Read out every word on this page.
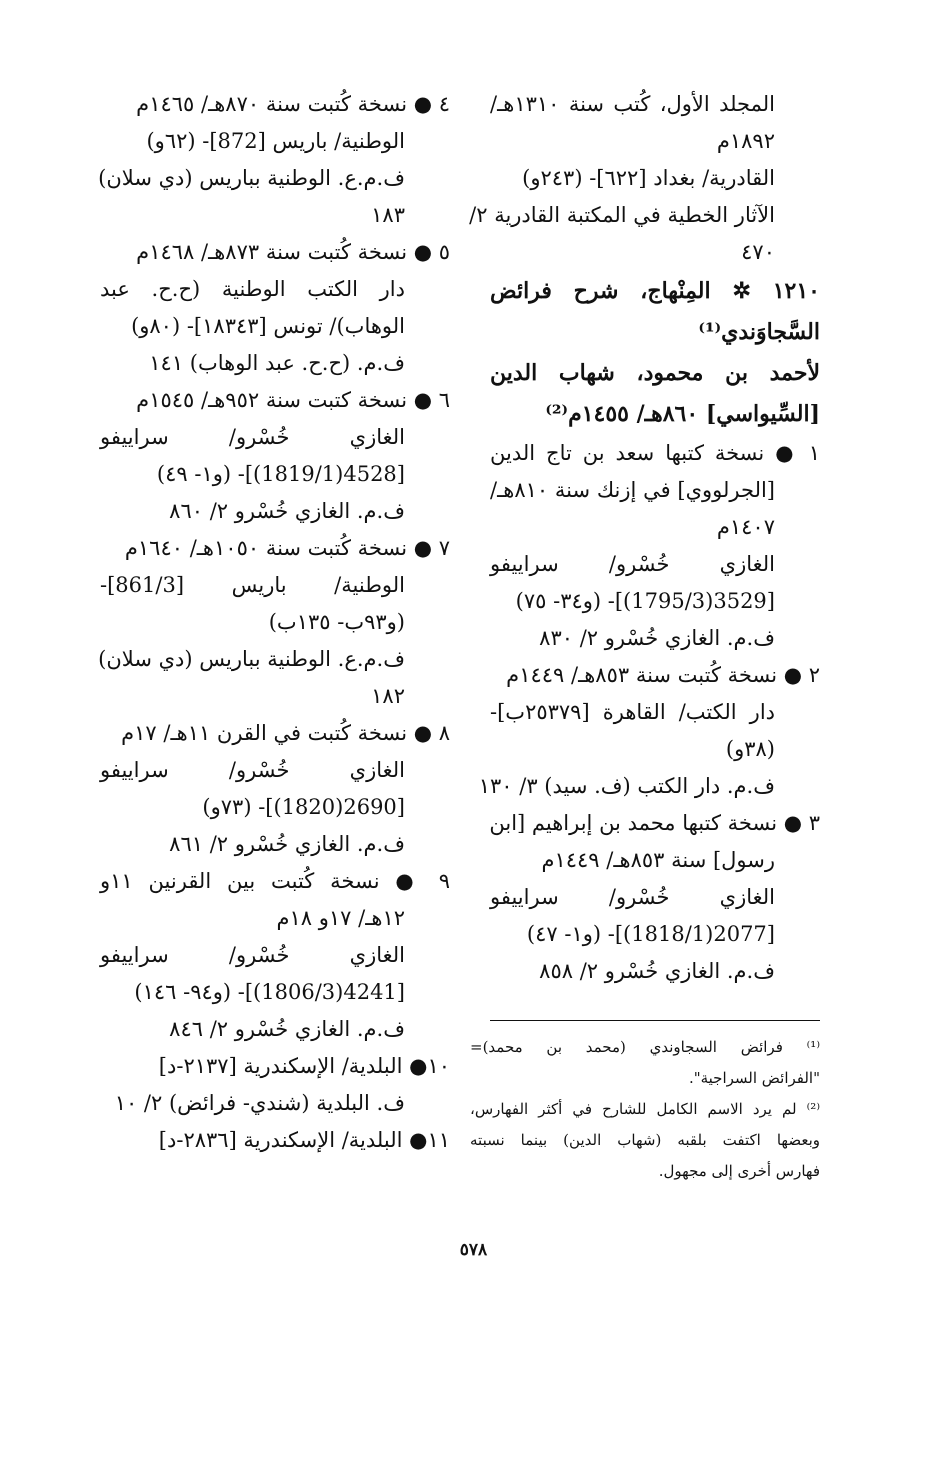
المجلد الأول، كُتب سنة ١٣١٠هـ‍/
١٨٩٢م
القادرية/ بغداد [٦٢٢]- (٢٤٣و)
الآثار الخطية في المكتبة القادرية ٢/
٤٧٠
١٢١٠ ✲ المِنْهاج، شرح فرائض
السَّجاوَندي⁽¹⁾
لأحمد بن محمود، شهاب الدين
[السِّيواسي] ٨٦٠هـ/ ١٤٥٥م⁽²⁾
١ ● نسخة كتبها سعد بن تاج الدين
[الجرلووي] في إزنك سنة ٨١٠هـ/
١٤٠٧م
الغازي خُسْرو/ سراييفو
[3529(1795/3)]- (و٣٤- ٧٥)
ف.م. الغازي خُسْرو ٢/ ٨٣٠
٢ ● نسخة كُتبت سنة ٨٥٣هـ/ ١٤٤٩م
دار الكتب/ القاهرة [٢٥٣٧٩ب]-
(٣٨و)
ف.م. دار الكتب (ف. سيد) ٣/ ١٣٠
٣ ● نسخة كتبها محمد بن إبراهيم [ابن
رسول] سنة ٨٥٣هـ/ ١٤٤٩م
الغازي خُسْرو/ سراييفو
[2077(1818/1)]- (و١- ٤٧)
ف.م. الغازي خُسْرو ٢/ ٨٥٨
٤ ● نسخة كُتبت سنة ٨٧٠هـ/ ١٤٦٥م
الوطنية/ باريس [872]- (٦٢و)
ف.م.ع. الوطنية بباريس (دي سلان)
١٨٣
٥ ● نسخة كُتبت سنة ٨٧٣هـ/ ١٤٦٨م
دار الكتب الوطنية (ح.ح. عبد
الوهاب)/ تونس [١٨٣٤٣]- (٨٠و)
ف.م. (ح.ح. عبد الوهاب) ١٤١
٦ ● نسخة كتبت سنة ٩٥٢هـ/ ١٥٤٥م
الغازي خُسْرو/ سراييفو
[4528(1819/1)]- (و١- ٤٩)
ف.م. الغازي خُسْرو ٢/ ٨٦٠
٧ ● نسخة كُتبت سنة ١٠٥٠هـ/ ١٦٤٠م
الوطنية/ باريس [861/3]-
(و٩٣ب- ١٣٥ب)
ف.م.ع. الوطنية بباريس (دي سلان)
١٨٢
٨ ● نسخة كُتبت في القرن ١١هـ/ ١٧م
الغازي خُسْرو/ سراييفو
[2690(1820)]- (٧٣و)
ف.م. الغازي خُسْرو ٢/ ٨٦١
٩ ● نسخة كُتبت بين القرنين ١١و
١٢هـ/ ١٧و ١٨م
الغازي خُسْرو/ سراييفو
[4241(1806/3)]- (و٩٤- ١٤٦)
ف.م. الغازي خُسْرو ٢/ ٨٤٦
١٠● البلدية/ الإسكندرية [٢١٣٧-د]
ف. البلدية (شندي- فرائض) ٢/ ١٠
١١● البلدية/ الإسكندرية [٢٨٣٦-د]
⁽¹⁾ فرائض السجاوندي (محمد بن محمد)=
"الفرائض السراجية".
⁽²⁾ لم يرد الاسم الكامل للشارح في أكثر الفهارس،
وبعضها اكتفت بلقبه (شهاب الدين) بينما نسبته
فهارس أخرى إلى مجهول.
٥٧٨
